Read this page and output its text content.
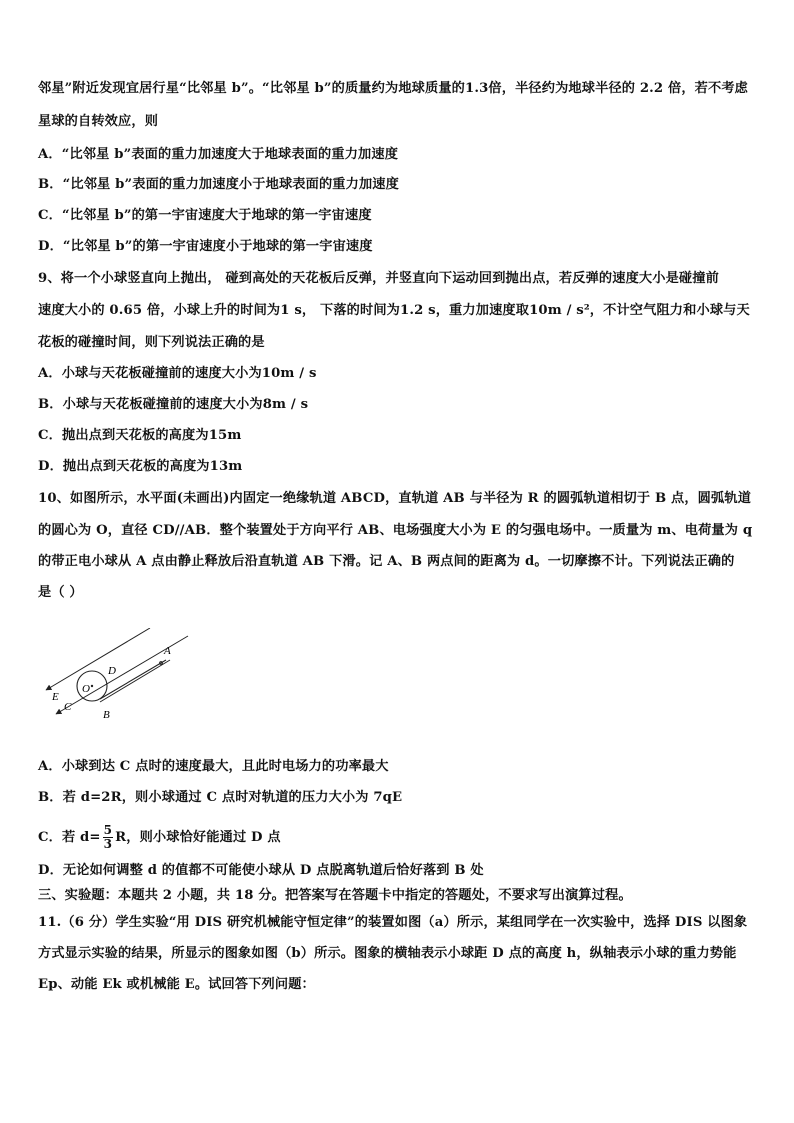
邻星”附近发现宜居行星“比邻星 b”。“比邻星 b”的质量约为地球质量的1.3倍，半径约为地球半径的 2.2 倍，若不考虑
星球的自转效应，则
A．“比邻星 b”表面的重力加速度大于地球表面的重力加速度
B．“比邻星 b”表面的重力加速度小于地球表面的重力加速度
C．“比邻星 b”的第一宇宙速度大于地球的第一宇宙速度
D．“比邻星 b”的第一宇宙速度小于地球的第一宇宙速度
9、将一个小球竖直向上抛出， 碰到高处的天花板后反弹，并竖直向下运动回到抛出点，若反弹的速度大小是碰撞前
速度大小的 0.65 倍，小球上升的时间为1 s， 下落的时间为1.2 s，重力加速度取10m / s²，不计空气阻力和小球与天
花板的碰撞时间，则下列说法正确的是
A．小球与天花板碰撞前的速度大小为10m / s
B．小球与天花板碰撞前的速度大小为8m / s
C．抛出点到天花板的高度为15m
D．抛出点到天花板的高度为13m
10、如图所示，水平面(未画出)内固定一绝缘轨道 ABCD，直轨道 AB 与半径为 R 的圆弧轨道相切于 B 点，圆弧轨道
的圆心为 O，直径 CD//AB．整个装置处于方向平行 AB、电场强度大小为 E 的匀强电场中。一质量为 m、电荷量为 q
的带正电小球从 A 点由静止释放后沿直轨道 AB 下滑。记 A、B 两点间的距离为 d。一切摩擦不计。下列说法正确的
是（ ）
A
D
O
E
C
B
A．小球到达 C 点时的速度最大，且此时电场力的功率最大
B．若 d=2R，则小球通过 C 点时对轨道的压力大小为 7qE
C．若 $d= \frac{5}{3}$ R，则小球恰好能通过 D 点
D．无论如何调整 d 的值都不可能使小球从 D 点脱离轨道后恰好落到 B 处
三、实验题：本题共 2 小题，共 18 分。把答案写在答题卡中指定的答题处，不要求写出演算过程。
11.（6 分）学生实验“用 DIS 研究机械能守恒定律”的装置如图（a）所示，某组同学在一次实验中，选择 DIS 以图象
方式显示实验的结果，所显示的图象如图（b）所示。图象的横轴表示小球距 D 点的高度 h，纵轴表示小球的重力势能
Ep、动能 Ek 或机械能 E。试回答下列问题：
